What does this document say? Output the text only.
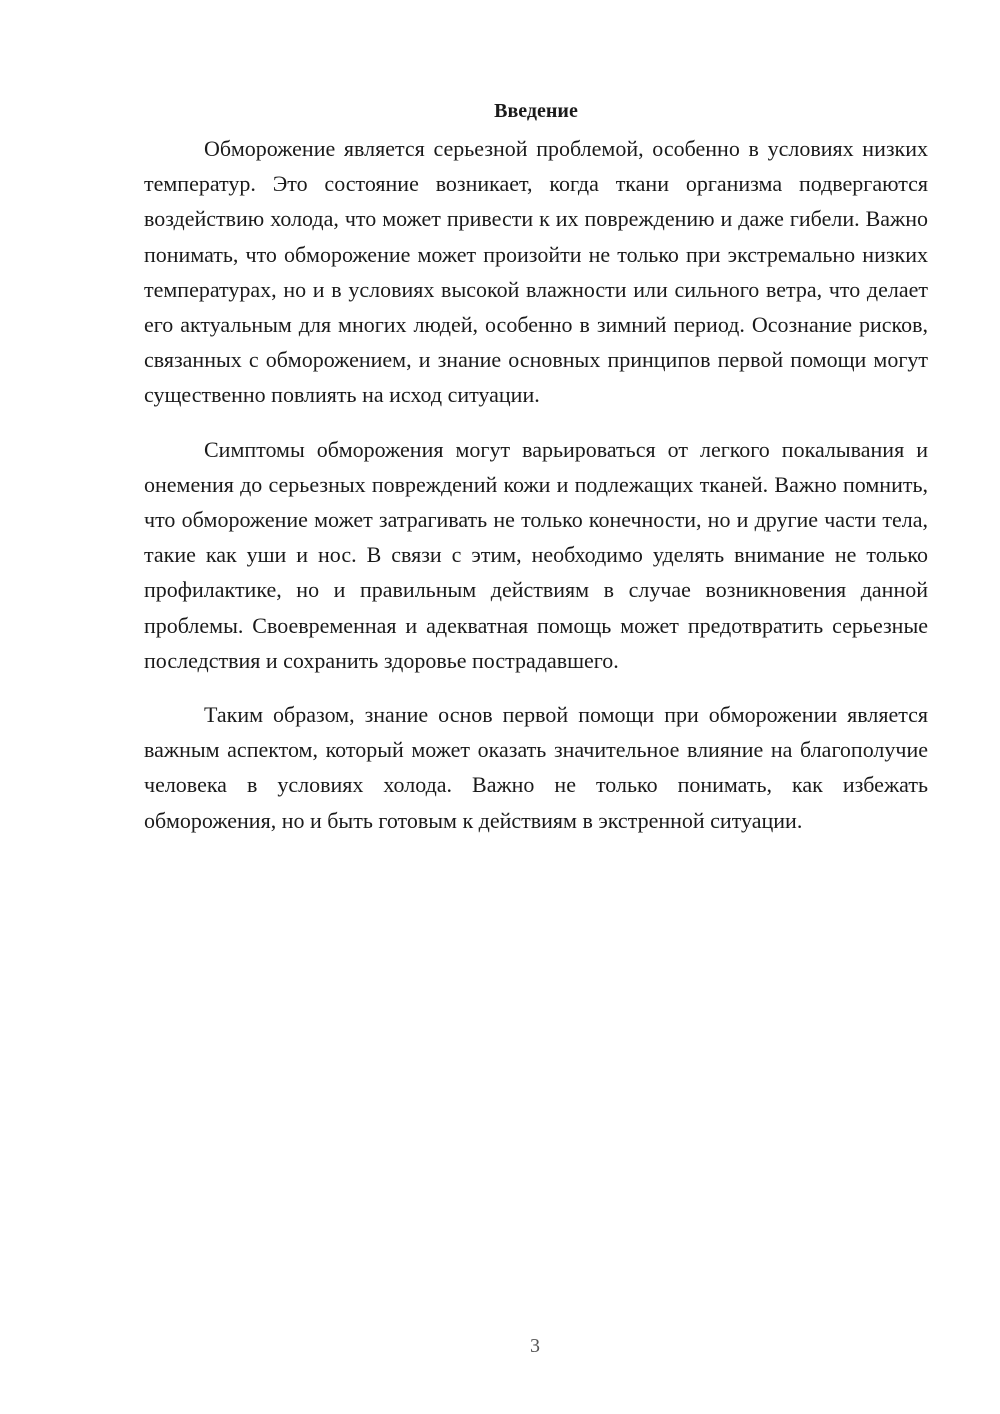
Введение

Обморожение является серьезной проблемой, особенно в условиях низких температур. Это состояние возникает, когда ткани организма подвергаются воздействию холода, что может привести к их повреждению и даже гибели. Важно понимать, что обморожение может произойти не только при экстремально низких температурах, но и в условиях высокой влажности или сильного ветра, что делает его актуальным для многих людей, особенно в зимний период. Осознание рисков, связанных с обморожением, и знание основных принципов первой помощи могут существенно повлиять на исход ситуации.

Симптомы обморожения могут варьироваться от легкого покалывания и онемения до серьезных повреждений кожи и подлежащих тканей. Важно помнить, что обморожение может затрагивать не только конечности, но и другие части тела, такие как уши и нос. В связи с этим, необходимо уделять внимание не только профилактике, но и правильным действиям в случае возникновения данной проблемы. Своевременная и адекватная помощь может предотвратить серьезные последствия и сохранить здоровье пострадавшего.

Таким образом, знание основ первой помощи при обморожении является важным аспектом, который может оказать значительное влияние на благополучие человека в условиях холода. Важно не только понимать, как избежать обморожения, но и быть готовым к действиям в экстренной ситуации.

3
